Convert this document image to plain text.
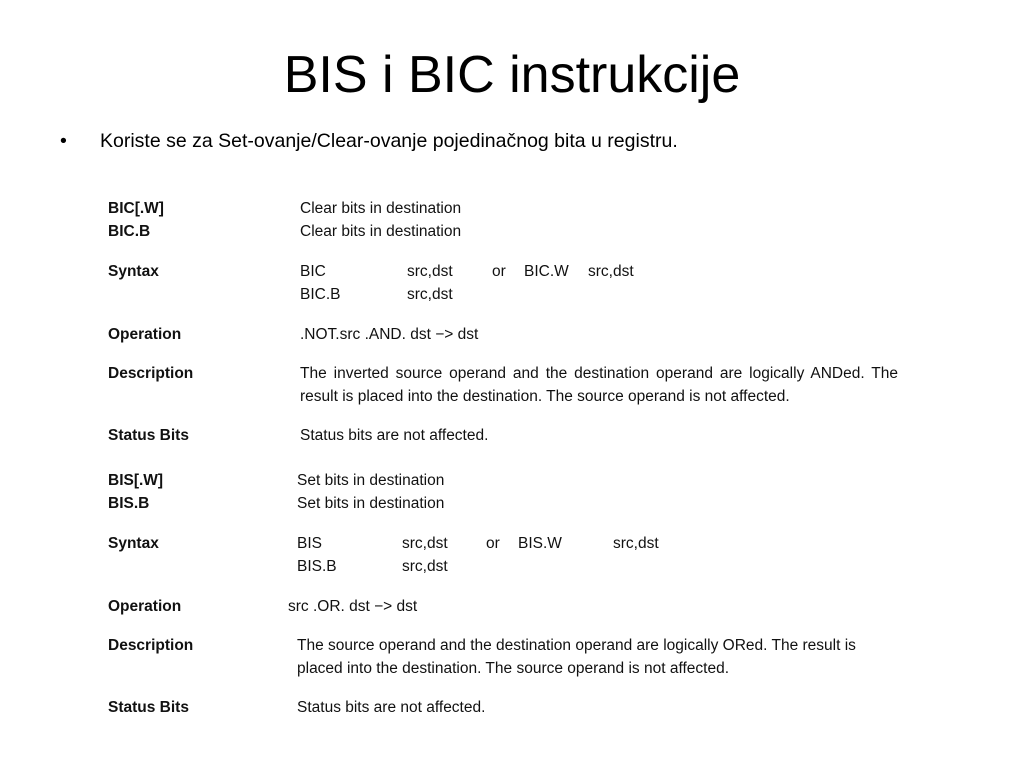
BIS i BIC instrukcije
• Koriste se za Set-ovanje/Clear-ovanje pojedinačnog bita u registru.
BIC[.W]	Clear bits in destination
BIC.B	Clear bits in destination
Syntax	BIC	src,dst	or BIC.W src,dst
BIC.B	src,dst
Operation	.NOT.src .AND. dst −> dst
Description	The inverted source operand and the destination operand are logically ANDed. The result is placed into the destination. The source operand is not affected.
Status Bits	Status bits are not affected.
BIS[.W]	Set bits in destination
BIS.B	Set bits in destination
Syntax	BIS	src,dst or BIS.W	src,dst
BIS.B	src,dst
Operation	src .OR. dst −> dst
Description	The source operand and the destination operand are logically ORed. The result is placed into the destination. The source operand is not affected.
Status Bits	Status bits are not affected.
